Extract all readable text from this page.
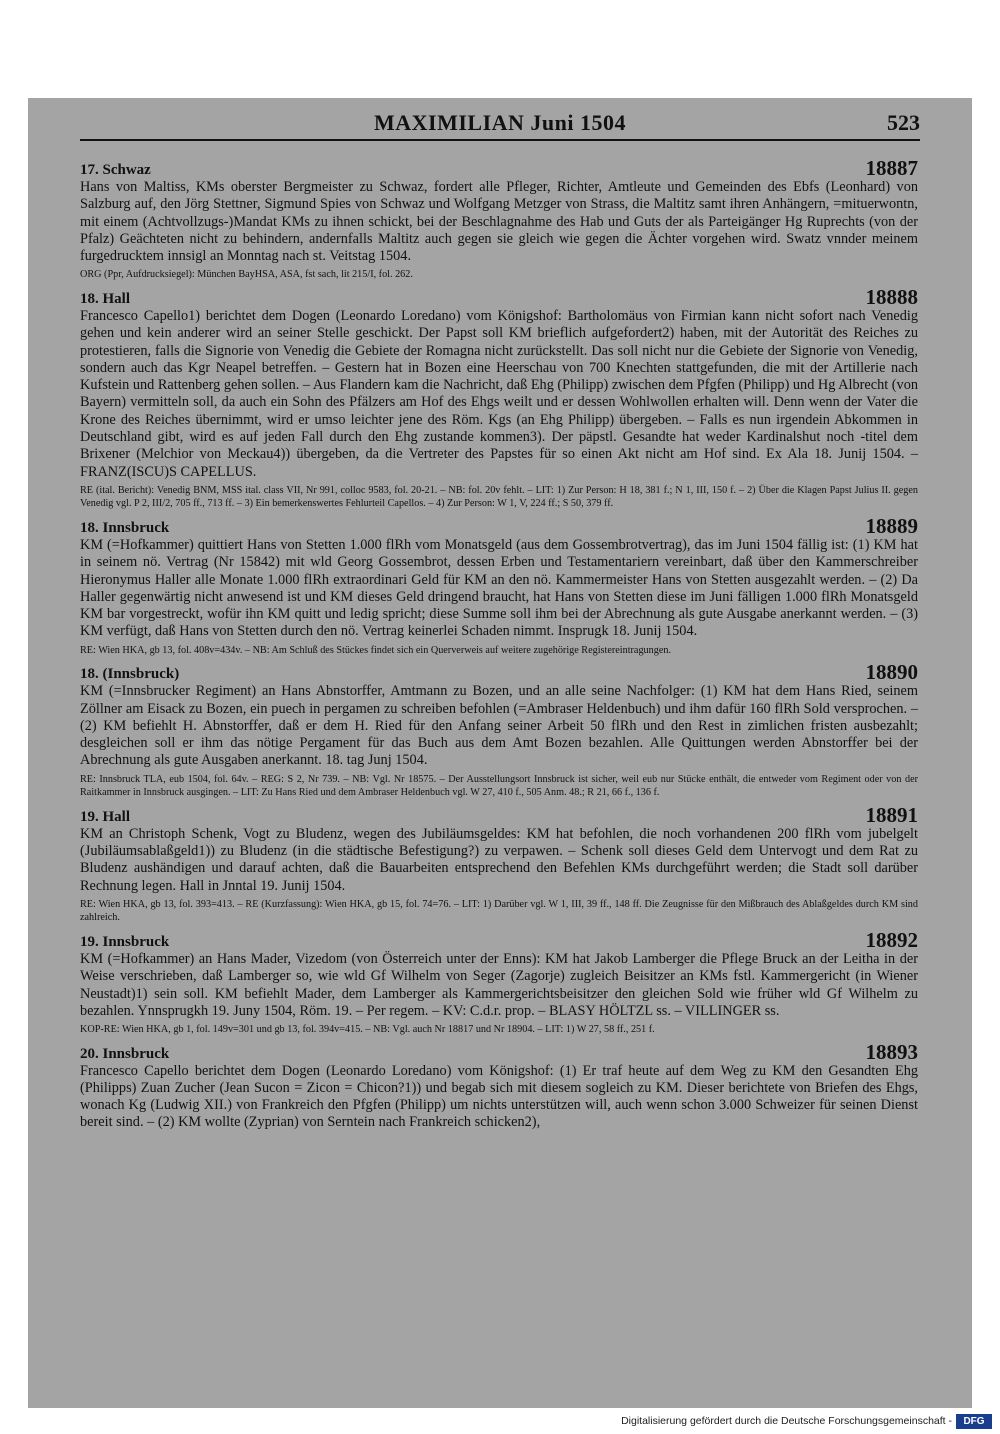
MAXIMILIAN Juni 1504	523
17. Schwaz	18887

Hans von Maltiss, KMs oberster Bergmeister zu Schwaz, fordert alle Pfleger, Richter, Amtleute und Gemeinden des Ebfs (Leonhard) von Salzburg auf, den Jörg Stettner, Sigmund Spies von Schwaz und Wolfgang Metzger von Strass, die Maltitz samt ihren Anhängern, =mituerwontn, mit einem (Achtvollzugs-)Mandat KMs zu ihnen schickt, bei der Beschlagnahme des Hab und Guts der als Parteigänger Hg Ruprechts (von der Pfalz) Geächteten nicht zu behindern, andernfalls Maltitz auch gegen sie gleich wie gegen die Ächter vorgehen wird. Swatz vnnder meinem furgedrucktem innsigl an Monntag nach st. Veitstag 1504.

ORG (Ppr, Aufdrucksiegel): München BayHSA, ASA, fst sach, lit 215/I, fol. 262.

18. Hall	18888

Francesco Capello1) berichtet dem Dogen (Leonardo Loredano) vom Königshof: Bartholomäus von Firmian kann nicht sofort nach Venedig gehen und kein anderer wird an seiner Stelle geschickt. Der Papst soll KM brieflich aufgefordert2) haben, mit der Autorität des Reiches zu protestieren, falls die Signorie von Venedig die Gebiete der Romagna nicht zurückstellt. Das soll nicht nur die Gebiete der Signorie von Venedig, sondern auch das Kgr Neapel betreffen. – Gestern hat in Bozen eine Heerschau von 700 Knechten stattgefunden, die mit der Artillerie nach Kufstein und Rattenberg gehen sollen. – Aus Flandern kam die Nachricht, daß Ehg (Philipp) zwischen dem Pfgfen (Philipp) und Hg Albrecht (von Bayern) vermitteln soll, da auch ein Sohn des Pfälzers am Hof des Ehgs weilt und er dessen Wohlwollen erhalten will. Denn wenn der Vater die Krone des Reiches übernimmt, wird er umso leichter jene des Röm. Kgs (an Ehg Philipp) übergeben. – Falls es nun irgendein Abkommen in Deutschland gibt, wird es auf jeden Fall durch den Ehg zustande kommen3). Der päpstl. Gesandte hat weder Kardinalshut noch -titel dem Brixener (Melchior von Meckau4)) übergeben, da die Vertreter des Papstes für so einen Akt nicht am Hof sind. Ex Ala 18. Junij 1504. – FRANZ(ISCU)S CAPELLUS.

RE (ital. Bericht): Venedig BNM, MSS ital. class VII, Nr 991, colloc 9583, fol. 20-21. – NB: fol. 20v fehlt. – LIT: 1) Zur Person: H 18, 381 f.; N 1, III, 150 f. – 2) Über die Klagen Papst Julius II. gegen Venedig vgl. P 2, III/2, 705 ff., 713 ff. – 3) Ein bemerkenswertes Fehlurteil Capellos. – 4) Zur Person: W 1, V, 224 ff.; S 50, 379 ff.

18. Innsbruck	18889

KM (=Hofkammer) quittiert Hans von Stetten 1.000 flRh vom Monatsgeld (aus dem Gossembrotvertrag), das im Juni 1504 fällig ist: (1) KM hat in seinem nö. Vertrag (Nr 15842) mit wld Georg Gossembrot, dessen Erben und Testamentariern vereinbart, daß über den Kammerschreiber Hieronymus Haller alle Monate 1.000 flRh extraordinari Geld für KM an den nö. Kammermeister Hans von Stetten ausgezahlt werden. – (2) Da Haller gegenwärtig nicht anwesend ist und KM dieses Geld dringend braucht, hat Hans von Stetten diese im Juni fälligen 1.000 flRh Monatsgeld KM bar vorgestreckt, wofür ihn KM quitt und ledig spricht; diese Summe soll ihm bei der Abrechnung als gute Ausgabe anerkannt werden. – (3) KM verfügt, daß Hans von Stetten durch den nö. Vertrag keinerlei Schaden nimmt. Insprugk 18. Junij 1504.

RE: Wien HKA, gb 13, fol. 408v=434v. – NB: Am Schluß des Stückes findet sich ein Querverweis auf weitere zugehörige Registereintragungen.

18. (Innsbruck)	18890

KM (=Innsbrucker Regiment) an Hans Abnstorffer, Amtmann zu Bozen, und an alle seine Nachfolger: (1) KM hat dem Hans Ried, seinem Zöllner am Eisack zu Bozen, ein puech in pergamen zu schreiben befohlen (=Ambraser Heldenbuch) und ihm dafür 160 flRh Sold versprochen. – (2) KM befiehlt H. Abnstorffer, daß er dem H. Ried für den Anfang seiner Arbeit 50 flRh und den Rest in zimlichen fristen ausbezahlt; desgleichen soll er ihm das nötige Pergament für das Buch aus dem Amt Bozen bezahlen. Alle Quittungen werden Abnstorffer bei der Abrechnung als gute Ausgaben anerkannt. 18. tag Junj 1504.

RE: Innsbruck TLA, eub 1504, fol. 64v. – REG: S 2, Nr 739. – NB: Vgl. Nr 18575. – Der Ausstellungsort Innsbruck ist sicher, weil eub nur Stücke enthält, die entweder vom Regiment oder von der Raitkammer in Innsbruck ausgingen. – LIT: Zu Hans Ried und dem Ambraser Heldenbuch vgl. W 27, 410 f., 505 Anm. 48.; R 21, 66 f., 136 f.

19. Hall	18891

KM an Christoph Schenk, Vogt zu Bludenz, wegen des Jubiläumsgeldes: KM hat befohlen, die noch vorhandenen 200 flRh vom jubelgelt (Jubiläumsablaßgeld1)) zu Bludenz (in die städtische Befestigung?) zu verpawen. – Schenk soll dieses Geld dem Untervogt und dem Rat zu Bludenz aushändigen und darauf achten, daß die Bauarbeiten entsprechend den Befehlen KMs durchgeführt werden; die Stadt soll darüber Rechnung legen. Hall in Jnntal 19. Junij 1504.

RE: Wien HKA, gb 13, fol. 393=413. – RE (Kurzfassung): Wien HKA, gb 15, fol. 74=76. – LIT: 1) Darüber vgl. W 1, III, 39 ff., 148 ff. Die Zeugnisse für den Mißbrauch des Ablaßgeldes durch KM sind zahlreich.

19. Innsbruck	18892

KM (=Hofkammer) an Hans Mader, Vizedom (von Österreich unter der Enns): KM hat Jakob Lamberger die Pflege Bruck an der Leitha in der Weise verschrieben, daß Lamberger so, wie wld Gf Wilhelm von Seger (Zagorje) zugleich Beisitzer an KMs fstl. Kammergericht (in Wiener Neustadt)1) sein soll. KM befiehlt Mader, dem Lamberger als Kammergerichtsbeisitzer den gleichen Sold wie früher wld Gf Wilhelm zu bezahlen. Ynnsprugkh 19. Juny 1504, Röm. 19. – Per regem. – KV: C.d.r. prop. – BLASY HÖLTZL ss. – VILLINGER ss.

KOP-RE: Wien HKA, gb 1, fol. 149v=301 und gb 13, fol. 394v=415. – NB: Vgl. auch Nr 18817 und Nr 18904. – LIT: 1) W 27, 58 ff., 251 f.

20. Innsbruck	18893

Francesco Capello berichtet dem Dogen (Leonardo Loredano) vom Königshof: (1) Er traf heute auf dem Weg zu KM den Gesandten Ehg (Philipps) Zuan Zucher (Jean Sucon = Zicon = Chicon?1)) und begab sich mit diesem sogleich zu KM. Dieser berichtete von Briefen des Ehgs, wonach Kg (Ludwig XII.) von Frankreich den Pfgfen (Philipp) um nichts unterstützen will, auch wenn schon 3.000 Schweizer für seinen Dienst bereit sind. – (2) KM wollte (Zyprian) von Serntein nach Frankreich schicken2),

Digitalisierung gefördert durch die Deutsche Forschungsgemeinschaft -	DFG
